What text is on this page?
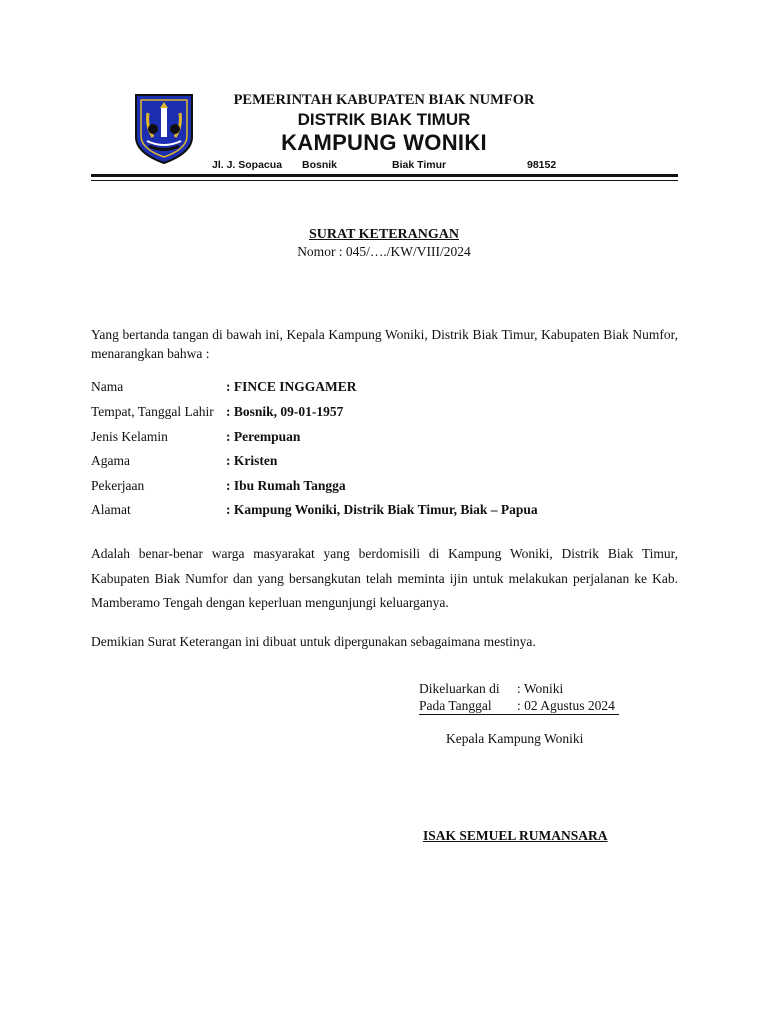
PEMERINTAH KABUPATEN BIAK NUMFOR
DISTRIK BIAK TIMUR
KAMPUNG WONIKI
Jl. J. Sopacua Bosnik	Biak Timur	98152
SURAT KETERANGAN
Nomor : 045/…./KW/VIII/2024
Yang bertanda tangan di bawah ini, Kepala Kampung Woniki, Distrik Biak Timur, Kabupaten Biak Numfor, menarangkan bahwa :
Nama	: FINCE INGGAMER
Tempat, Tanggal Lahir : Bosnik, 09-01-1957
Jenis Kelamin	: Perempuan
Agama	: Kristen
Pekerjaan	: Ibu Rumah Tangga
Alamat	: Kampung Woniki, Distrik Biak Timur, Biak – Papua
Adalah benar-benar warga masyarakat yang berdomisili di Kampung Woniki, Distrik Biak Timur, Kabupaten Biak Numfor dan yang bersangkutan telah meminta ijin untuk melakukan perjalanan ke Kab. Mamberamo Tengah dengan keperluan mengunjungi keluarganya.
Demikian Surat Keterangan ini dibuat untuk dipergunakan sebagaimana mestinya.
Dikeluarkan di : Woniki
Pada Tanggal : 02 Agustus 2024
Kepala Kampung Woniki
ISAK SEMUEL RUMANSARA
